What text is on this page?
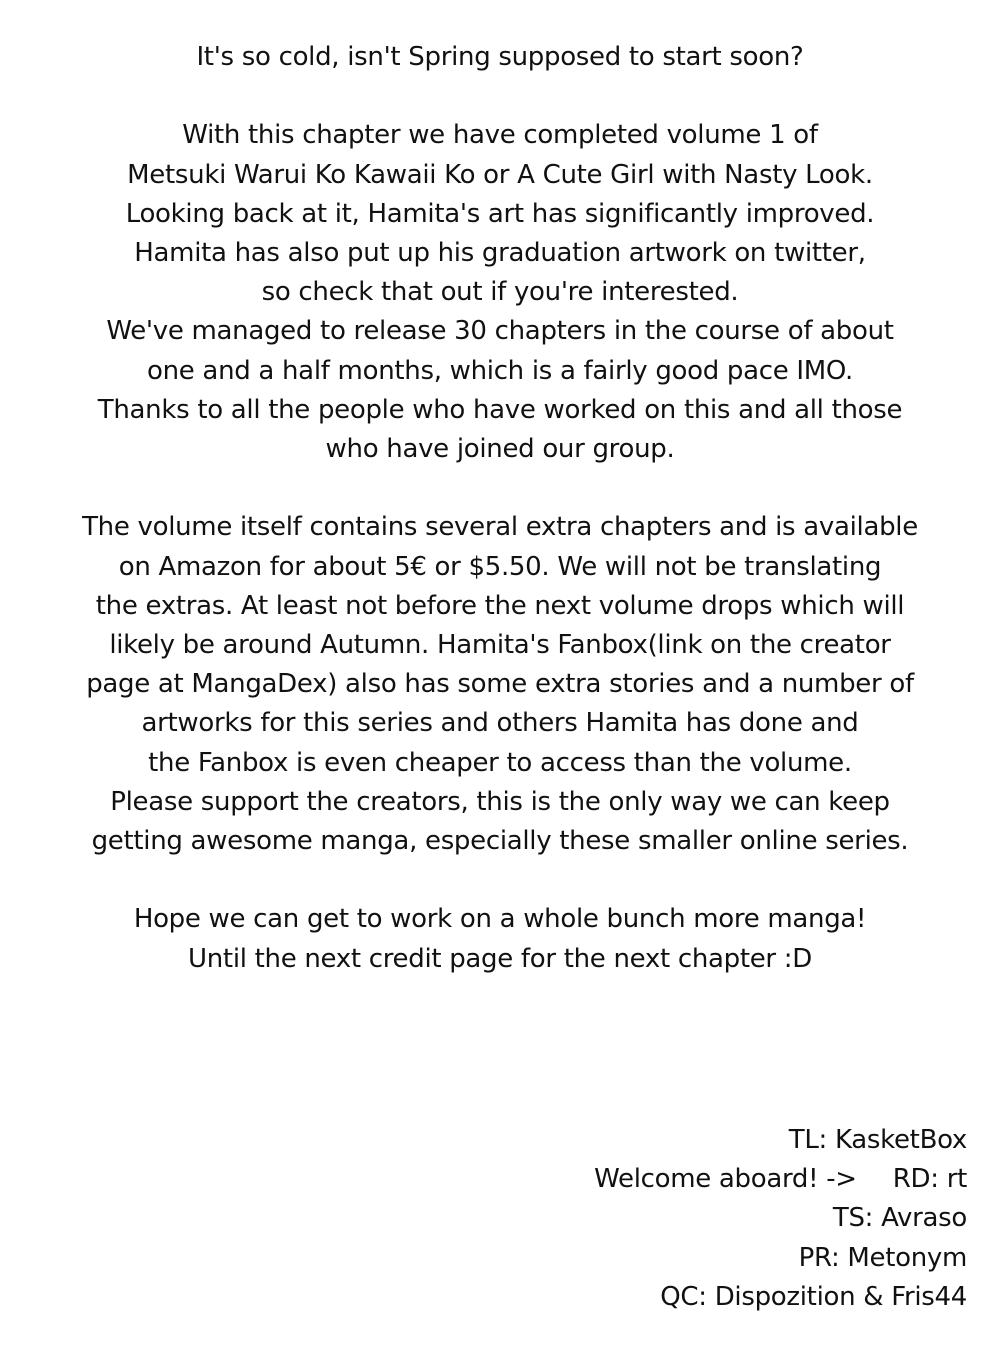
It's so cold, isn't Spring supposed to start soon?
With this chapter we have completed volume 1 of
Metsuki Warui Ko Kawaii Ko or A Cute Girl with Nasty Look.
Looking back at it, Hamita's art has significantly improved.
Hamita has also put up his graduation artwork on twitter,
so check that out if you're interested.
We've managed to release 30 chapters in the course of about
one and a half months, which is a fairly good pace IMO.
Thanks to all the people who have worked on this and all those
who have joined our group.
The volume itself contains several extra chapters and is available
on Amazon for about 5€ or $5.50. We will not be translating
the extras. At least not before the next volume drops which will
likely be around Autumn. Hamita's Fanbox(link on the creator
page at MangaDex) also has some extra stories and a number of
artworks for this series and others Hamita has done and
the Fanbox is even cheaper to access than the volume.
Please support the creators, this is the only way we can keep
getting awesome manga, especially these smaller online series.
Hope we can get to work on a whole bunch more manga!
Until the next credit page for the next chapter :D
TL: KasketBox
Welcome aboard! -> RD: rt
TS: Avraso
PR: Metonym
QC: Dispozition & Fris44
